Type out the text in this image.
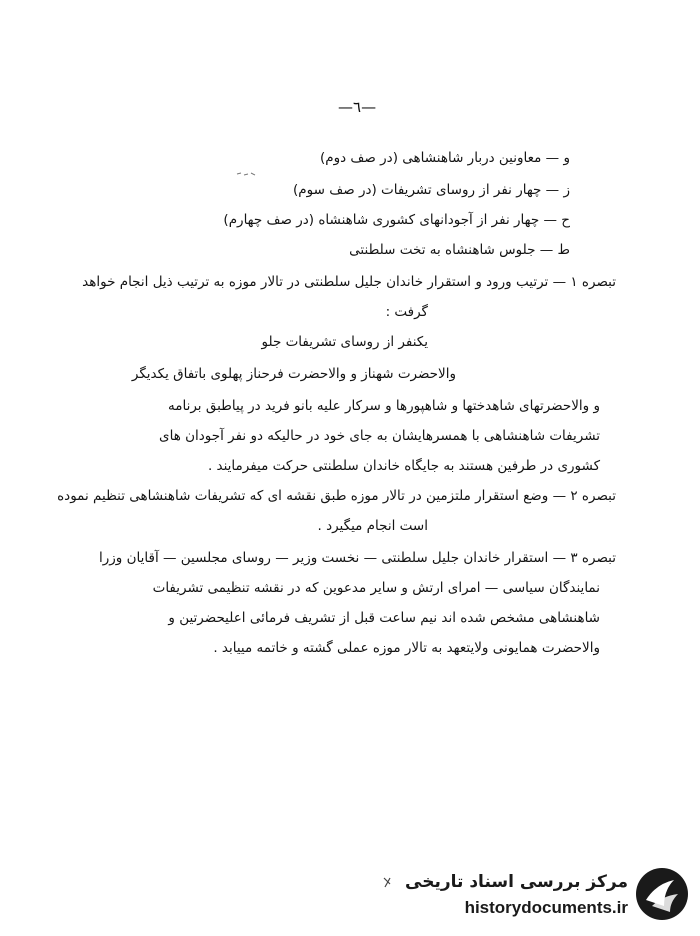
—٦—
و — معاونین دربار شاهنشاهی (در صف دوم)
ز — چهار نفر از روسای تشریفات (در صف سوم)
ح — چهار نفر از آجودانهای کشوری شاهنشاه (در صف چهارم)
ط — جلوس شاهنشاه به تخت سلطنتی
تبصره ۱ — ترتیب ورود و استقرار خاندان جلیل سلطنتی در تالار موزه به ترتیب ذیل انجام خواهد
گرفت :
یکنفر از روسای تشریفات جلو
والاحضرت شهناز و والاحضرت فرحناز پهلوی باتفاق یکدیگر
و والاحضرتهای شاهدختها و شاهپورها و سرکار علیه بانو فرید در پیاطبق برنامه
تشریفات شاهنشاهی با همسرهایشان به جای خود در حالیکه دو نفر آجودان های
کشوری در طرفین هستند به جایگاه خاندان سلطنتی حرکت میفرمایند .
تبصره ۲ — وضع استقرار ملتزمین در تالار موزه طبق نقشه ای که تشریفات شاهنشاهی تنظیم نموده
است انجام میگیرد .
تبصره ۳ — استقرار خاندان جلیل سلطنتی — نخست وزیر — روسای مجلسین — آقایان وزرا
نمایندگان سیاسی — امرای ارتش و سایر مدعوین که در نقشه تنظیمی تشریفات
شاهنشاهی مشخص شده اند نیم ساعت قبل از تشریف فرمائی اعلیحضرتین و
والاحضرت همایونی ولایتعهد به تالار موزه عملی گشته و خاتمه مییابد .
مرکز بررسی اسناد تاریخی
historydocuments.ir
